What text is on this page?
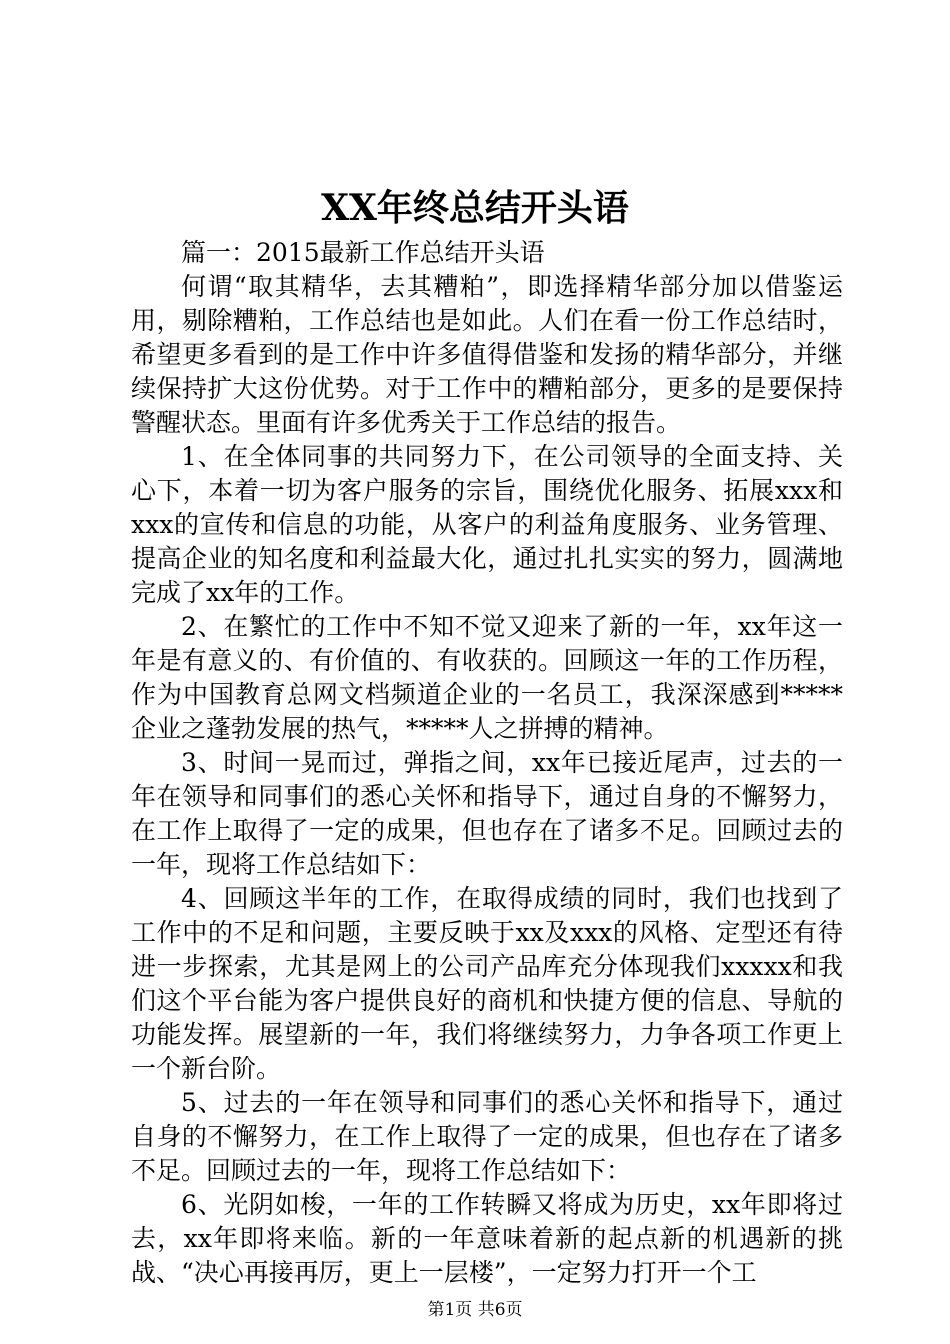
XX年终总结开头语

篇一：2015最新工作总结开头语

何谓“取其精华，去其糟粕”，即选择精华部分加以借鉴运用，剔除糟粕，工作总结也是如此。人们在看一份工作总结时，希望更多看到的是工作中许多值得借鉴和发扬的精华部分，并继续保持扩大这份优势。对于工作中的糟粕部分，更多的是要保持警醒状态。里面有许多优秀关于工作总结的报告。

1、在全体同事的共同努力下，在公司领导的全面支持、关心下，本着一切为客户服务的宗旨，围绕优化服务、拓展xxx和xxx的宣传和信息的功能，从客户的利益角度服务、业务管理、提高企业的知名度和利益最大化，通过扎扎实实的努力，圆满地完成了xx年的工作。

2、在繁忙的工作中不知不觉又迎来了新的一年，xx年这一年是有意义的、有价值的、有收获的。回顾这一年的工作历程，作为中国教育总网文档频道企业的一名员工，我深深感到*****企业之蓬勃发展的热气，*****人之拼搏的精神。

3、时间一晃而过，弹指之间，xx年已接近尾声，过去的一年在领导和同事们的悉心关怀和指导下，通过自身的不懈努力，在工作上取得了一定的成果，但也存在了诸多不足。回顾过去的一年，现将工作总结如下：

4、回顾这半年的工作，在取得成绩的同时，我们也找到了工作中的不足和问题，主要反映于xx及xxx的风格、定型还有待进一步探索，尤其是网上的公司产品库充分体现我们xxxxx和我们这个平台能为客户提供良好的商机和快捷方便的信息、导航的功能发挥。展望新的一年，我们将继续努力，力争各项工作更上一个新台阶。

5、过去的一年在领导和同事们的悉心关怀和指导下，通过自身的不懈努力，在工作上取得了一定的成果，但也存在了诸多不足。回顾过去的一年，现将工作总结如下：

6、光阴如梭，一年的工作转瞬又将成为历史，xx年即将过去，xx年即将来临。新的一年意味着新的起点新的机遇新的挑战、“决心再接再厉，更上一层楼”，一定努力打开一个工

第1页 共6页
